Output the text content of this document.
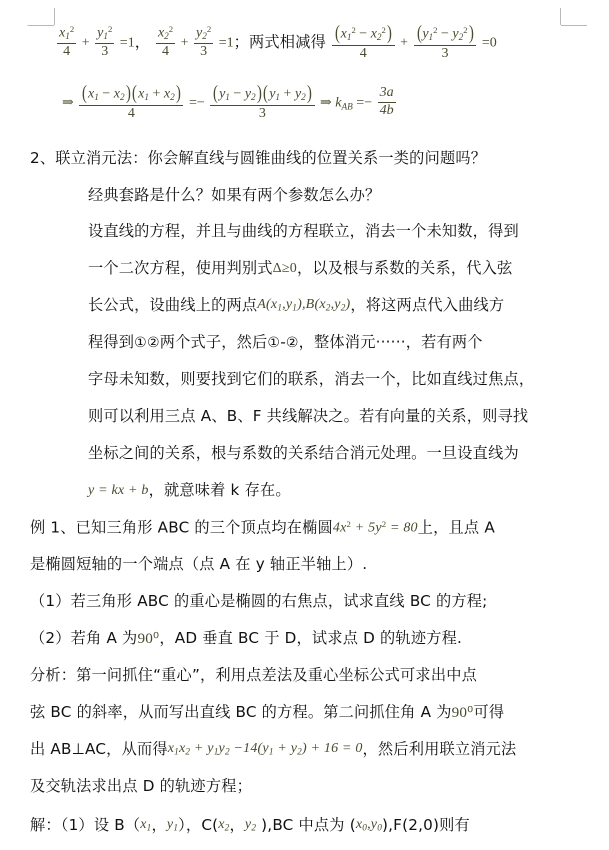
$\frac{x_1^2}{4} + \frac{y_1^2}{3} =1$， $\frac{x_2^2}{4} + \frac{y_2^2}{3} =1$；两式相减得 $\frac{(x_1^2 - x_2^2)}{4} + \frac{(y_1^2 - y_2^2)}{3} =0$
⇒ $\frac{(x_1 - x_2)(x_1 + x_2)}{4} =- \frac{(y_1 - y_2)(y_1 + y_2)}{3}$ ⇒ $k_{AB} =- \frac{3a}{4b}$
2、联立消元法：你会解直线与圆锥曲线的位置关系一类的问题吗？
经典套路是什么？如果有两个参数怎么办？
设直线的方程，并且与曲线的方程联立，消去一个未知数，得到
一个二次方程，使用判别式Δ≥0，以及根与系数的关系，代入弦
长公式，设曲线上的两点$A(x_1,y_1),B(x_2,y_2)$，将这两点代入曲线方
程得到①②两个式子，然后①-②，整体消元······，若有两个
字母未知数，则要找到它们的联系，消去一个，比如直线过焦点，
则可以利用三点 A、B、F 共线解决之。若有向量的关系，则寻找
坐标之间的关系，根与系数的关系结合消元处理。一旦设直线为
y = kx + b，就意味着 k 存在。
例 1、已知三角形 ABC 的三个顶点均在椭圆$4x^2 + 5y^2 = 80$上，且点 A
是椭圆短轴的一个端点（点 A 在 y 轴正半轴上）.
（1）若三角形 ABC 的重心是椭圆的右焦点，试求直线 BC 的方程;
（2）若角 A 为90⁰，AD 垂直 BC 于 D，试求点 D 的轨迹方程.
分析：第一问抓住“重心”，利用点差法及重心坐标公式可求出中点
弦 BC 的斜率，从而写出直线 BC 的方程。第二问抓住角 A 为90⁰可得
出 AB⊥AC，从而得$x_1x_2 + y_1y_2 -14(y_1 + y_2) + 16 = 0$，然后利用联立消元法
及交轨法求出点 D 的轨迹方程；
解：（1）设 $B(x_1$，$y_1$），$C(x_2$，$y_2$ ),BC 中点为 $(x_0,y_0),F(2,0)$则有
